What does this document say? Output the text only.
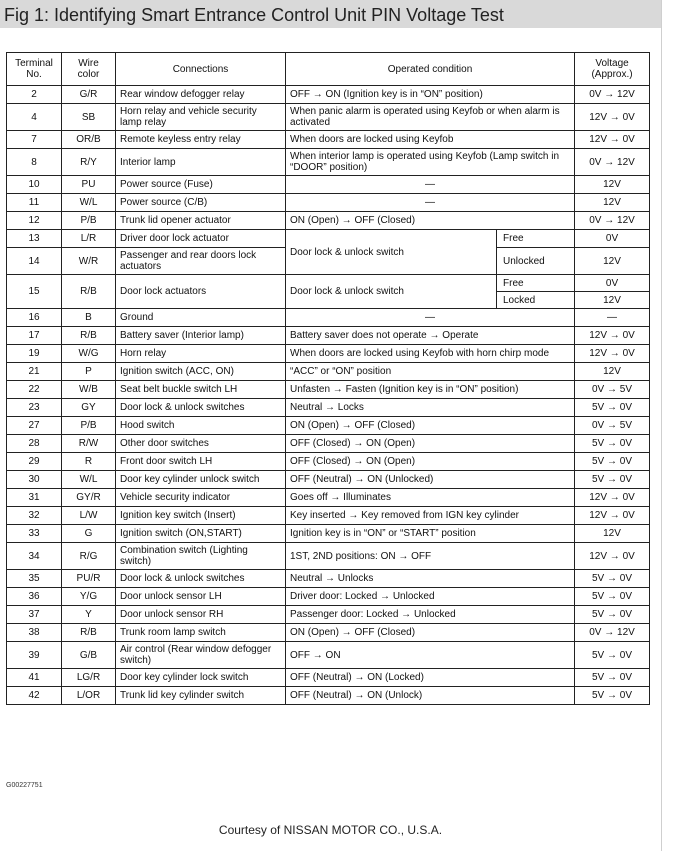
Fig 1: Identifying Smart Entrance Control Unit PIN Voltage Test
Terminal
No.	Wire
color	Connections	Operated condition		Voltage
(Approx.)
2	G/R	Rear window defogger relay	OFF → ON (Ignition key is in “ON” position)		0V → 12V
4	SB	Horn relay and vehicle security lamp relay	When panic alarm is operated using Keyfob or when alarm is activated		12V → 0V
7	OR/B	Remote keyless entry relay	When doors are locked using Keyfob		12V → 0V
8	R/Y	Interior lamp	When interior lamp is operated using Keyfob (Lamp switch in “DOOR” position)		0V → 12V
10	PU	Power source (Fuse)	—		12V
11	W/L	Power source (C/B)	—		12V
12	P/B	Trunk lid opener actuator	ON (Open) → OFF (Closed)		0V → 12V
13	L/R	Driver door lock actuator	Door lock & unlock switch	Free	0V
14	W/R	Passenger and rear doors lock actuators		Unlocked	12V
15	R/B	Door lock actuators	Door lock & unlock switch	Free	0V
				Locked	12V
16	B	Ground	—		—
17	R/B	Battery saver (Interior lamp)	Battery saver does not operate → Operate		12V → 0V
19	W/G	Horn relay	When doors are locked using Keyfob with horn chirp mode		12V → 0V
21	P	Ignition switch (ACC, ON)	“ACC” or “ON” position		12V
22	W/B	Seat belt buckle switch LH	Unfasten → Fasten (Ignition key is in “ON” position)		0V → 5V
23	GY	Door lock & unlock switches	Neutral → Locks		5V → 0V
27	P/B	Hood switch	ON (Open) → OFF (Closed)		0V → 5V
28	R/W	Other door switches	OFF (Closed) → ON (Open)		5V → 0V
29	R	Front door switch LH	OFF (Closed) → ON (Open)		5V → 0V
30	W/L	Door key cylinder unlock switch	OFF (Neutral) → ON (Unlocked)		5V → 0V
31	GY/R	Vehicle security indicator	Goes off → Illuminates		12V → 0V
32	L/W	Ignition key switch (Insert)	Key inserted → Key removed from IGN key cylinder		12V → 0V
33	G	Ignition switch (ON,START)	Ignition key is in “ON” or “START” position		12V
34	R/G	Combination switch (Lighting switch)	1ST, 2ND positions: ON → OFF		12V → 0V
35	PU/R	Door lock & unlock switches	Neutral → Unlocks		5V → 0V
36	Y/G	Door unlock sensor LH	Driver door: Locked → Unlocked		5V → 0V
37	Y	Door unlock sensor RH	Passenger door: Locked → Unlocked		5V → 0V
38	R/B	Trunk room lamp switch	ON (Open) → OFF (Closed)		0V → 12V
39	G/B	Air control (Rear window defogger switch)	OFF → ON		5V → 0V
41	LG/R	Door key cylinder lock switch	OFF (Neutral) → ON (Locked)		5V → 0V
42	L/OR	Trunk lid key cylinder switch	OFF (Neutral) → ON (Unlock)		5V → 0V
G00227751
Courtesy of NISSAN MOTOR CO., U.S.A.
